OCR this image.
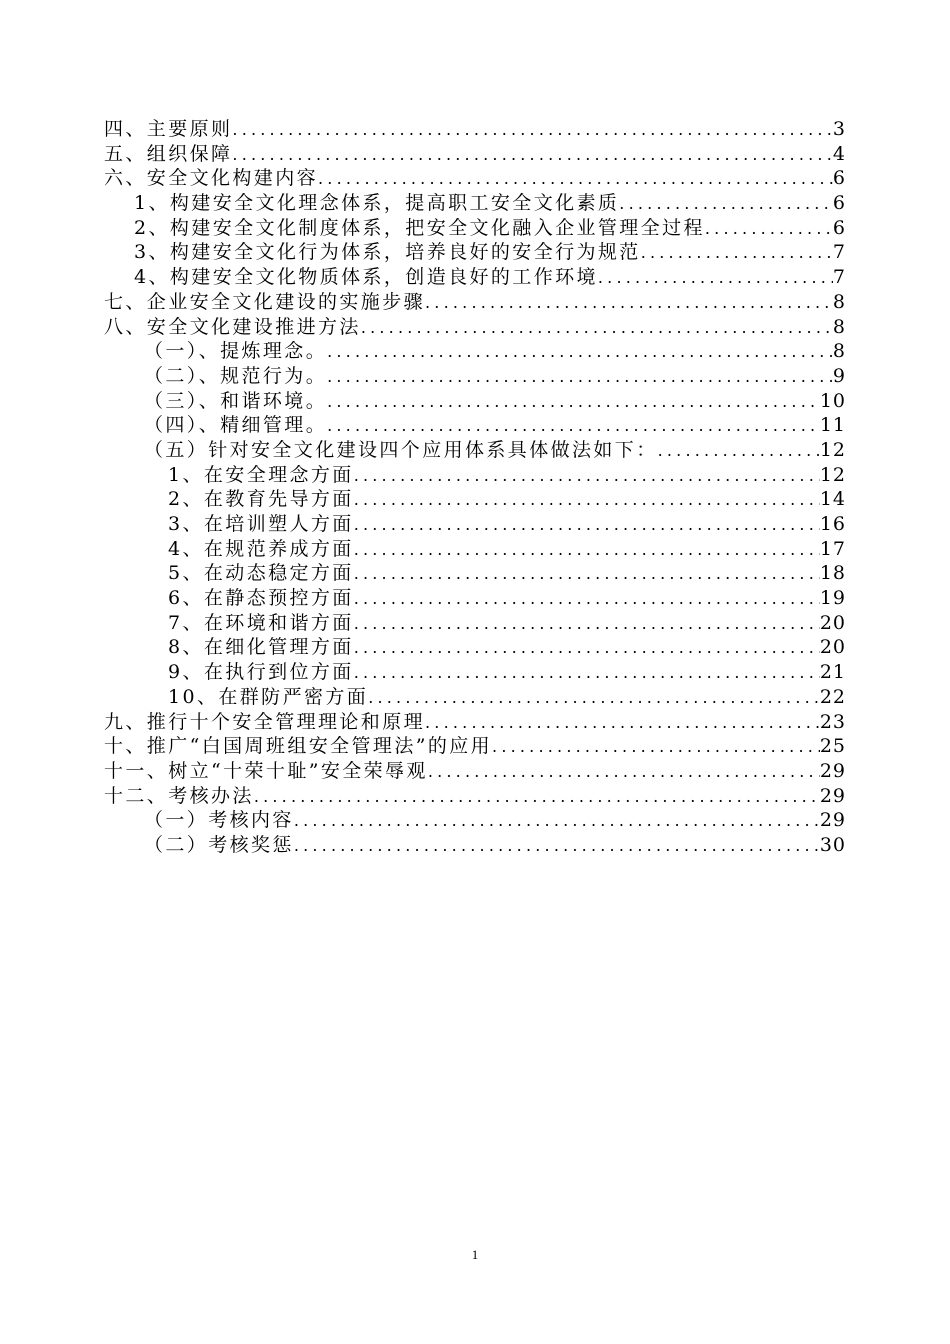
四、主要原则 .....	3
五、组织保障 .....	4
六、安全文化构建内容 .....	6
1、构建安全文化理念体系，提高职工安全文化素质 .....	6
2、构建安全文化制度体系，把安全文化融入企业管理全过程 .....	6
3、构建安全文化行为体系，培养良好的安全行为规范 .....	7
4、构建安全文化物质体系，创造良好的工作环境 .....	7
七、企业安全文化建设的实施步骤 .....	8
八、安全文化建设推进方法 .....	8
（一）、提炼理念。 .....	8
（二）、规范行为。 .....	9
（三）、和谐环境。 .....	10
（四）、精细管理。 .....	11
（五）针对安全文化建设四个应用体系具体做法如下： .....	12
1、在安全理念方面 .....	12
2、在教育先导方面 .....	14
3、在培训塑人方面 .....	16
4、在规范养成方面 .....	17
5、在动态稳定方面 .....	18
6、在静态预控方面 .....	19
7、在环境和谐方面 .....	20
8、在细化管理方面 .....	20
9、在执行到位方面 .....	21
10、在群防严密方面 .....	22
九、推行十个安全管理理论和原理 .....	23
十、推广“白国周班组安全管理法”的应用 .....	25
十一、树立“十荣十耻”安全荣辱观 .....	29
十二、考核办法 .....	29
（一）考核内容 .....	29
（二）考核奖惩 .....	30
1
